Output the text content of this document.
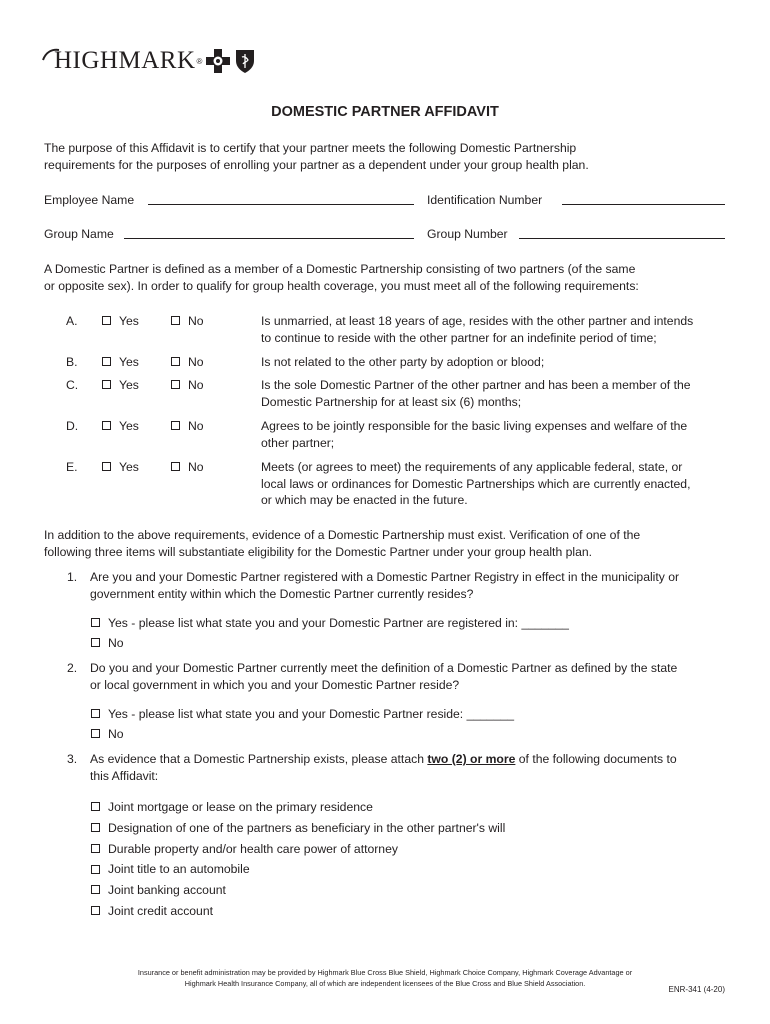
HIGHMARK ®
DOMESTIC PARTNER AFFIDAVIT
The purpose of this Affidavit is to certify that your partner meets the following Domestic Partnership
requirements for the purposes of enrolling your partner as a dependent under your group health plan.
Employee Name	Identification Number
Group Name	Group Number
A Domestic Partner is defined as a member of a Domestic Partnership consisting of two partners (of the same
or opposite sex). In order to qualify for group health coverage, you must meet all of the following requirements:
A.	Yes	No	Is unmarried, at least 18 years of age, resides with the other partner and intends
to continue to reside with the other partner for an indefinite period of time;
B.	Yes	No	Is not related to the other party by adoption or blood;
C.	Yes	No	Is the sole Domestic Partner of the other partner and has been a member of the
Domestic Partnership for at least six (6) months;
D.	Yes	No	Agrees to be jointly responsible for the basic living expenses and welfare of the
other partner;
E.	Yes	No	Meets (or agrees to meet) the requirements of any applicable federal, state, or
local laws or ordinances for Domestic Partnerships which are currently enacted,
or which may be enacted in the future.
In addition to the above requirements, evidence of a Domestic Partnership must exist. Verification of one of the
following three items will substantiate eligibility for the Domestic Partner under your group health plan.
1. Are you and your Domestic Partner registered with a Domestic Partner Registry in effect in the municipality or
government entity within which the Domestic Partner currently resides?
Yes - please list what state you and your Domestic Partner are registered in: _______
No
2. Do you and your Domestic Partner currently meet the definition of a Domestic Partner as defined by the state
or local government in which you and your Domestic Partner reside?
Yes - please list what state you and your Domestic Partner reside: _______
No
3. As evidence that a Domestic Partnership exists, please attach two (2) or more of the following documents to
this Affidavit:
Joint mortgage or lease on the primary residence
Designation of one of the partners as beneficiary in the other partner's will
Durable property and/or health care power of attorney
Joint title to an automobile
Joint banking account
Joint credit account
Insurance or benefit administration may be provided by Highmark Blue Cross Blue Shield, Highmark Choice Company, Highmark Coverage Advantage or
Highmark Health Insurance Company, all of which are independent licensees of the Blue Cross and Blue Shield Association.
ENR-341 (4-20)
